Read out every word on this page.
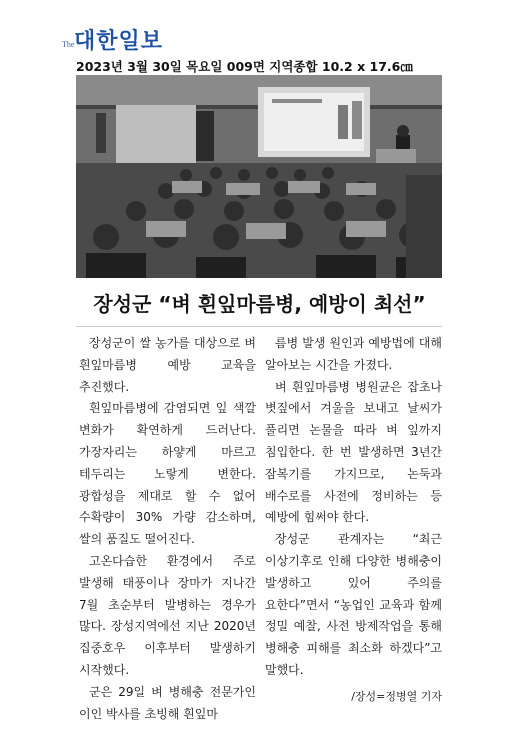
The 대한일보
2023년 3월 30일 목요일 009면 지역종합 10.2 x 17.6㎝
장성군 “벼 흰잎마름병, 예방이 최선”

장성군이 쌀 농가를 대상으로 벼 흰잎마름병 예방 교육을 추진했다.

흰잎마름병에 감염되면 잎 색깔 변화가 확연하게 드러난다. 가장자리는 하얗게 마르고 테두리는 노랗게 변한다. 광합성을 제대로 할 수 없어 수확량이 30% 가량 감소하며, 쌀의 품질도 떨어진다.

고온다습한 환경에서 주로 발생해 태풍이나 장마가 지나간 7월 초순부터 발병하는 경우가 많다. 장성지역에선 지난 2020년 집중호우 이후부터 발생하기 시작했다.

군은 29일 벼 병해충 전문가인 이인 박사를 초빙해 흰잎마

름병 발생 원인과 예방법에 대해 알아보는 시간을 가졌다.

벼 흰잎마름병 병원균은 잡초나 볏짚에서 겨울을 보내고 날씨가 풀리면 논물을 따라 벼 잎까지 침입한다. 한 번 발생하면 3년간 잠복기를 가지므로, 논둑과 배수로를 사전에 정비하는 등 예방에 힘써야 한다.

장성군 관계자는 “최근 이상기후로 인해 다양한 병해충이 발생하고 있어 주의를 요한다”면서 “농업인 교육과 함께 정밀 예찰, 사전 방제작업을 통해 병해충 피해를 최소화 하겠다”고 말했다.

/장성=정병열 기자
